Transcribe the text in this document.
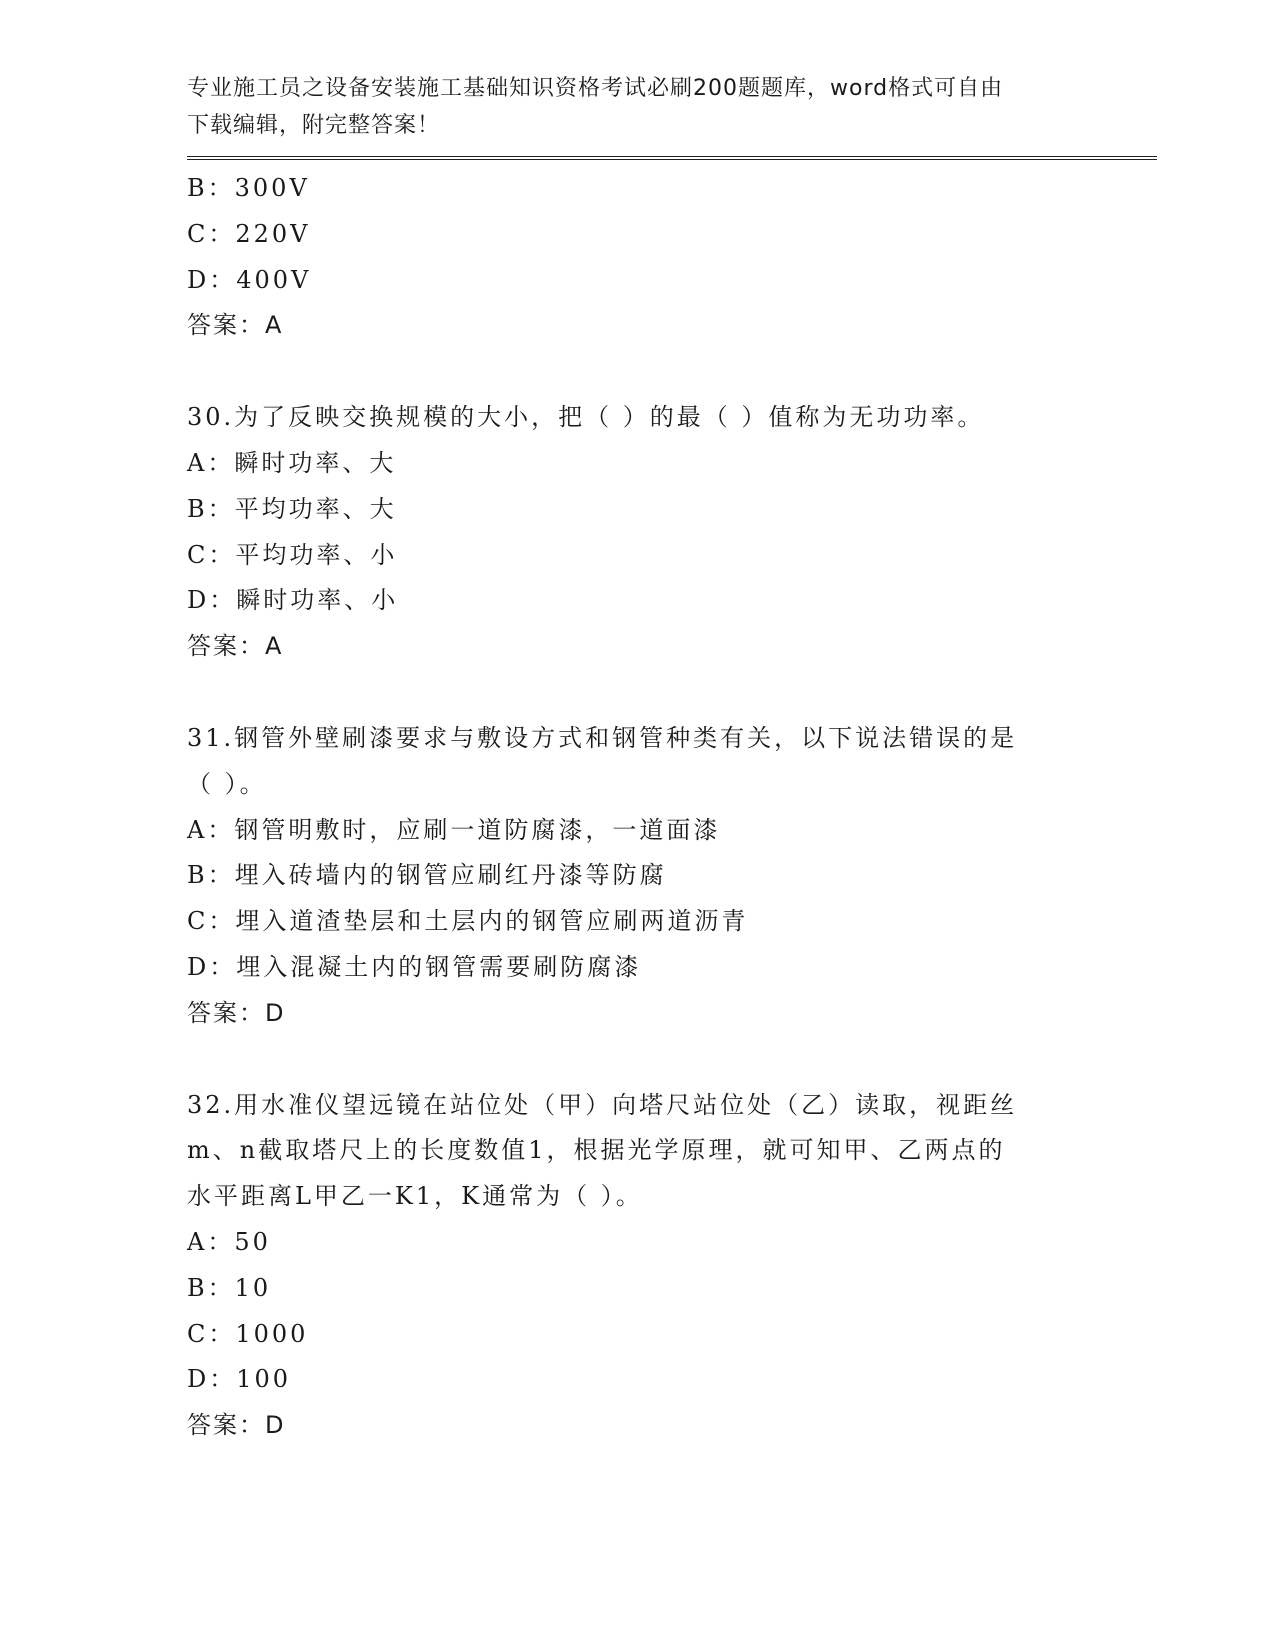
专业施工员之设备安装施工基础知识资格考试必刷200题题库，word格式可自由
下载编辑，附完整答案！
B：300V
C：220V
D：400V
答案：A
30.为了反映交换规模的大小，把（ ）的最（ ）值称为无功功率。
A：瞬时功率、大
B：平均功率、大
C：平均功率、小
D：瞬时功率、小
答案：A
31.钢管外壁刷漆要求与敷设方式和钢管种类有关，以下说法错误的是
（ ）。
A：钢管明敷时，应刷一道防腐漆，一道面漆
B：埋入砖墙内的钢管应刷红丹漆等防腐
C：埋入道渣垫层和土层内的钢管应刷两道沥青
D：埋入混凝土内的钢管需要刷防腐漆
答案：D
32.用水准仪望远镜在站位处（甲）向塔尺站位处（乙）读取，视距丝
m、n截取塔尺上的长度数值1，根据光学原理，就可知甲、乙两点的
水平距离L甲乙一K1，K通常为（ ）。
A：50
B：10
C：1000
D：100
答案：D
